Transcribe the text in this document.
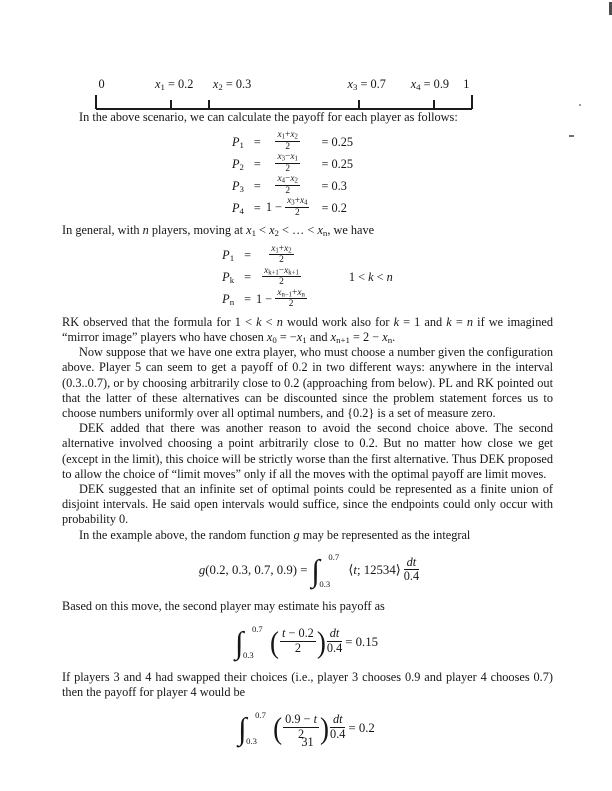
0	$x_1 = 0.2$ $x_2 = 0.3$	$x_3 = 0.7$ $x_4 = 0.9$ 1

In the above scenario, we can calculate the payoff for each player as follows:

$P_1$	=	$\frac{x_1+x_2}{2}$	= 0.25	
$P_2$	=	$\frac{x_3-x_1}{2}$	= 0.25	
$P_3$	=	$\frac{x_4-x_2}{2}$	= 0.3	
$P_4$	=	$1 - \frac{x_3+x_4}{2}$	= 0.2	

In general, with n players, moving at $x_1 < x_2$ < … < $x_n$, we have

$P_1$	=	$\frac{x_1+x_2}{2}$

$P_k$	=	$\frac{x_{k+1}-x_{k+1}}{2}$		1 < k < n
$P_n$	=	$1 - \frac{x_{n-1}+x_n}{2}$

RK observed that the formula for 1 < k < n would work also for k = 1 and k = n if we imagined “mirror image” players who have chosen $x_0 = -x_1$ and $x_{n+1} = 2 - x_n$.

Now suppose that we have one extra player, who must choose a number given the configuration above. Player 5 can seem to get a payoff of 0.2 in two different ways: anywhere in the interval (0.3..0.7), or by choosing arbitrarily close to 0.2 (approaching from below). PL and RK pointed out that the latter of these alternatives can be discounted since the problem statement forces us to choose numbers uniformly over all optimal numbers, and {0.2} is a set of measure zero.

DEK added that there was another reason to avoid the second choice above. The second alternative involved choosing a point arbitrarily close to 0.2. But no matter how close we get (except in the limit), this choice will be strictly worse than the first alternative. Thus DEK proposed to allow the choice of “limit moves” only if all the moves with the optimal payoff are limit moves.

DEK suggested that an infinite set of optimal points could be represented as a finite union of disjoint intervals. He said open intervals would suffice, since the endpoints could only occur with probability 0.

In the example above, the random function g may be represented as the integral

g(0.2, 0.3, 0.7, 0.9) = ∫ 0.7
0.3
⟨t; 12534⟩ $\frac{dt}{0.4}$

Based on this move, the second player may estimate his payoff as

∫ 0.7
0.3 ( $\frac{t - 0.2}{2}$ ) $\frac{dt}{0.4} = 0.15$

If players 3 and 4 had swapped their choices (i.e., player 3 chooses 0.9 and player 4 chooses 0.7) then the payoff for player 4 would be

∫ 0.7
0.3 ( $\frac{0.9 - t}{2}$ ) $\frac{dt}{0.4} = 0.2$
31
